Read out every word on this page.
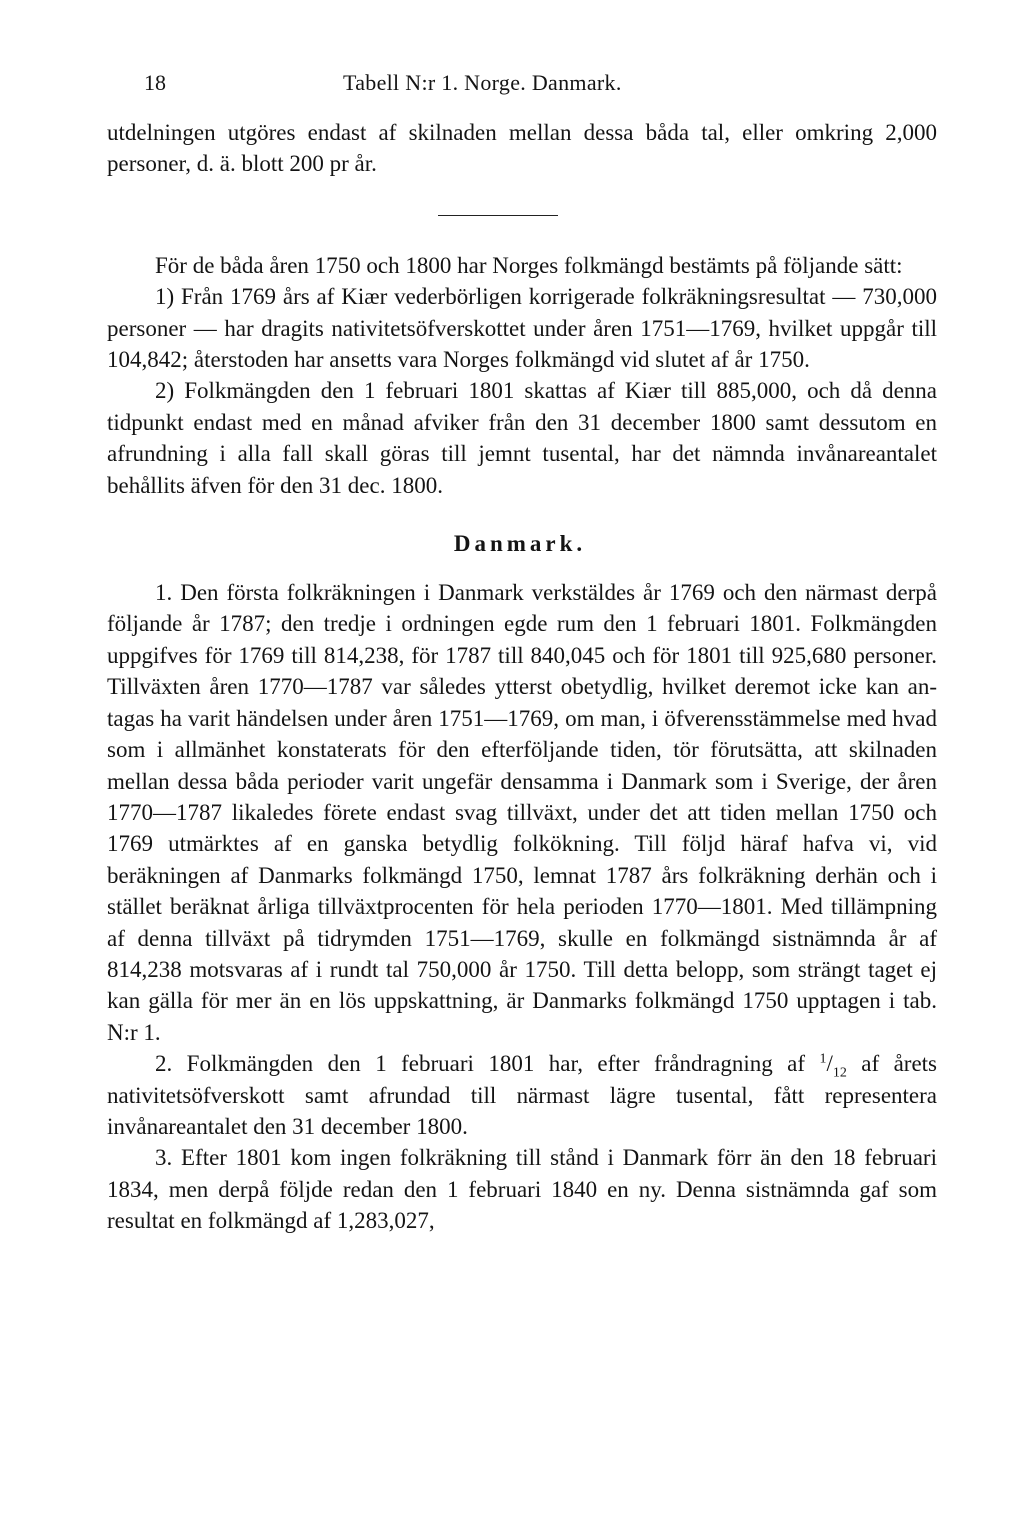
18	Tabell N:r 1. Norge. Danmark.

utdelningen utgöres endast af skilnaden mellan dessa båda tal, eller omkring 2,000 personer, d. ä. blott 200 pr år.

För de båda åren 1750 och 1800 har Norges folkmängd bestämts på följande sätt:

1) Från 1769 års af Kiær vederbörligen korrigerade folkräkningsresultat — 730,000 personer — har dragits nativitetsöfverskottet under åren 1751—1769, hvilket uppgår till 104,842; återstoden har ansetts vara Norges folkmängd vid slutet af år 1750.

2) Folkmängden den 1 februari 1801 skattas af Kiær till 885,000, och då denna tidpunkt endast med en månad afviker från den 31 december 1800 samt dessutom en afrundning i alla fall skall göras till jemnt tusental, har det nämnda invånareantalet behållits äfven för den 31 dec. 1800.

Danmark.

1. Den första folkräkningen i Danmark verkstäldes år 1769 och den närmast derpå följande år 1787; den tredje i ordningen egde rum den 1 februari 1801. Folkmängden uppgifves för 1769 till 814,238, för 1787 till 840,045 och för 1801 till 925,680 personer. Tillväxten åren 1770—1787 var således ytterst obetydlig, hvilket deremot icke kan antagas ha varit händelsen under åren 1751—1769, om man, i öfverensstämmelse med hvad som i allmänhet konstaterats för den efterföljande tiden, tör förutsätta, att skilnaden mellan dessa båda perioder varit ungefär densamma i Danmark som i Sverige, der åren 1770—1787 likaledes förete endast svag tillväxt, under det att tiden mellan 1750 och 1769 utmärktes af en ganska betydlig folkökning. Till följd häraf hafva vi, vid beräkningen af Danmarks folkmängd 1750, lemnat 1787 års folkräkning derhän och i stället beräknat årliga tillväxtprocenten för hela perioden 1770—1801. Med tillämpning af denna tillväxt på tidrymden 1751—1769, skulle en folkmängd sistnämnda år af 814,238 motsvaras af i rundt tal 750,000 år 1750. Till detta belopp, som strängt taget ej kan gälla för mer än en lös uppskattning, är Danmarks folkmängd 1750 upptagen i tab. N:r 1.

2. Folkmängden den 1 februari 1801 har, efter fråndragning af $^1/_{12}$ af årets nativitetsöfverskott samt afrundad till närmast lägre tusental, fått representera invånareantalet den 31 december 1800.

3. Efter 1801 kom ingen folkräkning till stånd i Danmark förr än den 18 februari 1834, men derpå följde redan den 1 februari 1840 en ny. Denna sistnämnda gaf som resultat en folkmängd af 1,283,027,
